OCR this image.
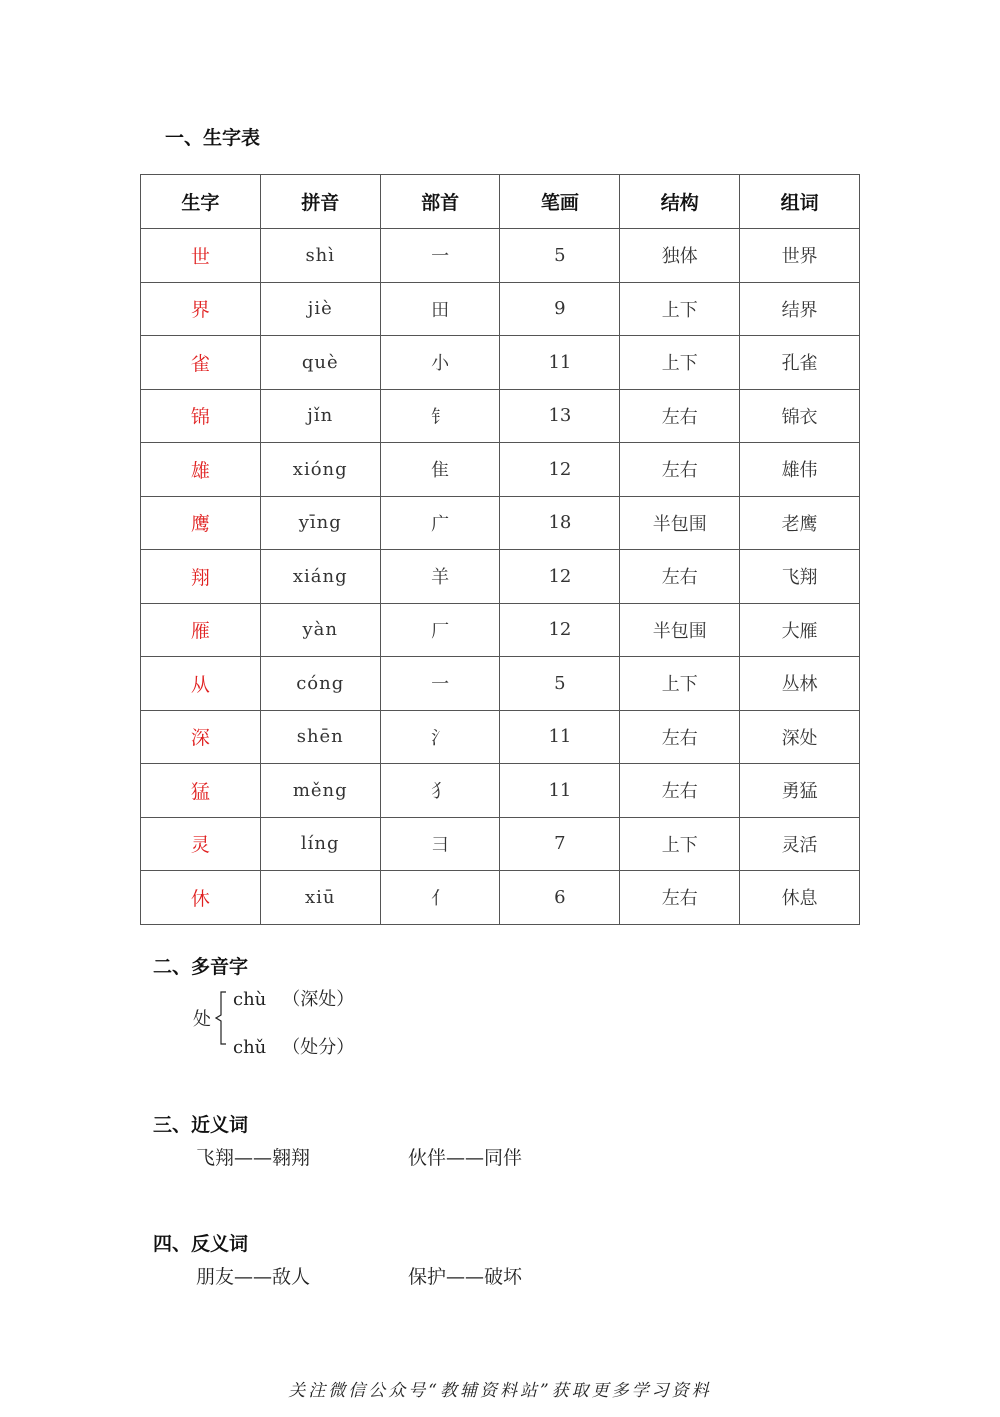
一、生字表
生字	拼音	部首	笔画	结构	组词
世	shì	一	5	独体	世界
界	jiè	田	9	上下	结界
雀	què	小	11	上下	孔雀
锦	jǐn	钅	13	左右	锦衣
雄	xióng	隹	12	左右	雄伟
鹰	yīng	广	18	半包围	老鹰
翔	xiáng	羊	12	左右	飞翔
雁	yàn	厂	12	半包围	大雁
从	cóng	一	5	上下	丛林
深	shēn	氵	11	左右	深处
猛	měng	犭	11	左右	勇猛
灵	líng	彐	7	上下	灵活
休	xiū	亻	6	左右	休息
二、多音字
处
chù （深处）
chǔ （处分）
三、近义词
飞翔——翱翔	伙伴——同伴
四、反义词
朋友——敌人	保护——破坏
关注微信公众号“教辅资料站”获取更多学习资料
